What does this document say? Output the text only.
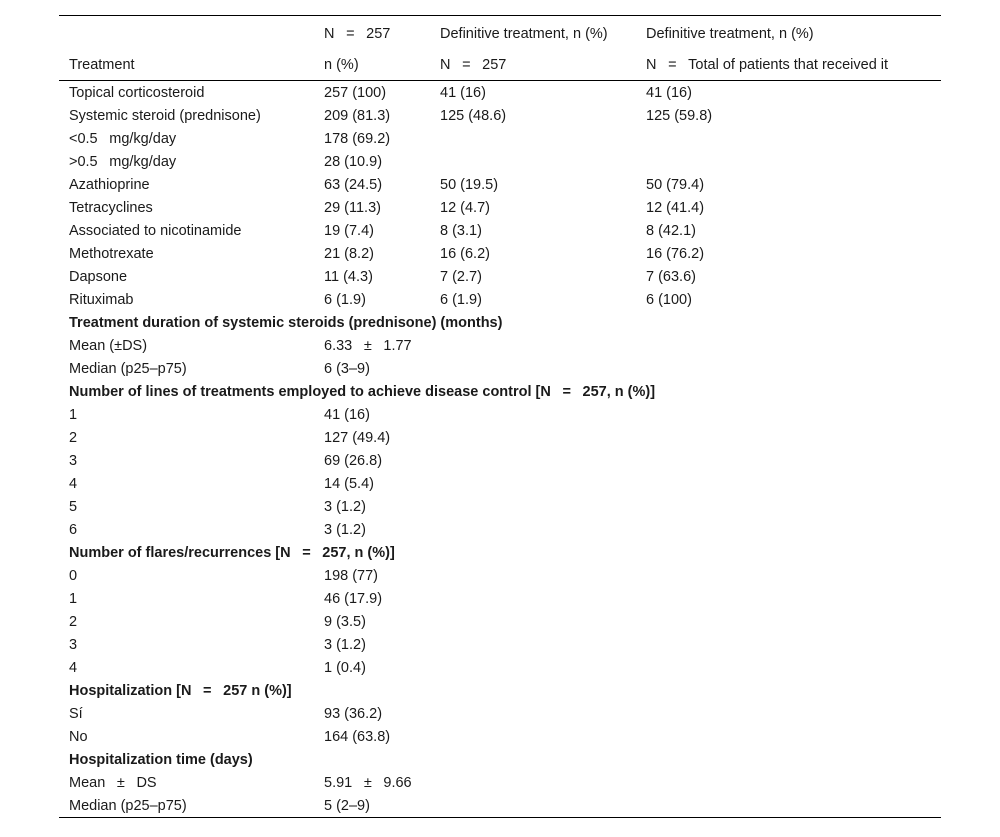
	N    =    257	Definitive treatment, n (%)	Definitive treatment, n (%)
Treatment	n (%)	N    =    257	N    =    Total of patients that received it
Topical corticosteroid	257 (100)	41 (16)	41 (16)
Systemic steroid (prednisone)	209 (81.3)	125 (48.6)	125 (59.8)
<0.5    mg/kg/day	178 (69.2)		
>0.5    mg/kg/day	28 (10.9)		
Azathioprine	63 (24.5)	50 (19.5)	50 (79.4)
Tetracyclines	29 (11.3)	12 (4.7)	12 (41.4)
Associated to nicotinamide	19 (7.4)	8 (3.1)	8 (42.1)
Methotrexate	21 (8.2)	16 (6.2)	16 (76.2)
Dapsone	11 (4.3)	7 (2.7)	7 (63.6)
Rituximab	6 (1.9)	6 (1.9)	6 (100)
Treatment duration of systemic steroids (prednisone) (months)			
Mean (±DS)	6.33    ±    1.77		
Median (p25–p75)	6 (3–9)		
Number of lines of treatments employed to achieve disease control [N    =    257, n (%)]			
1	41 (16)		
2	127 (49.4)		
3	69 (26.8)		
4	14 (5.4)		
5	3 (1.2)		
6	3 (1.2)		
Number of flares/recurrences [N    =    257, n (%)]			
0	198 (77)		
1	46 (17.9)		
2	9 (3.5)		
3	3 (1.2)		
4	1 (0.4)		
Hospitalization [N    =    257 n (%)]			
Sí	93 (36.2)		
No	164 (63.8)		
Hospitalization time (days)			
Mean    ±    DS	5.91    ±    9.66		
Median (p25–p75)	5 (2–9)		
